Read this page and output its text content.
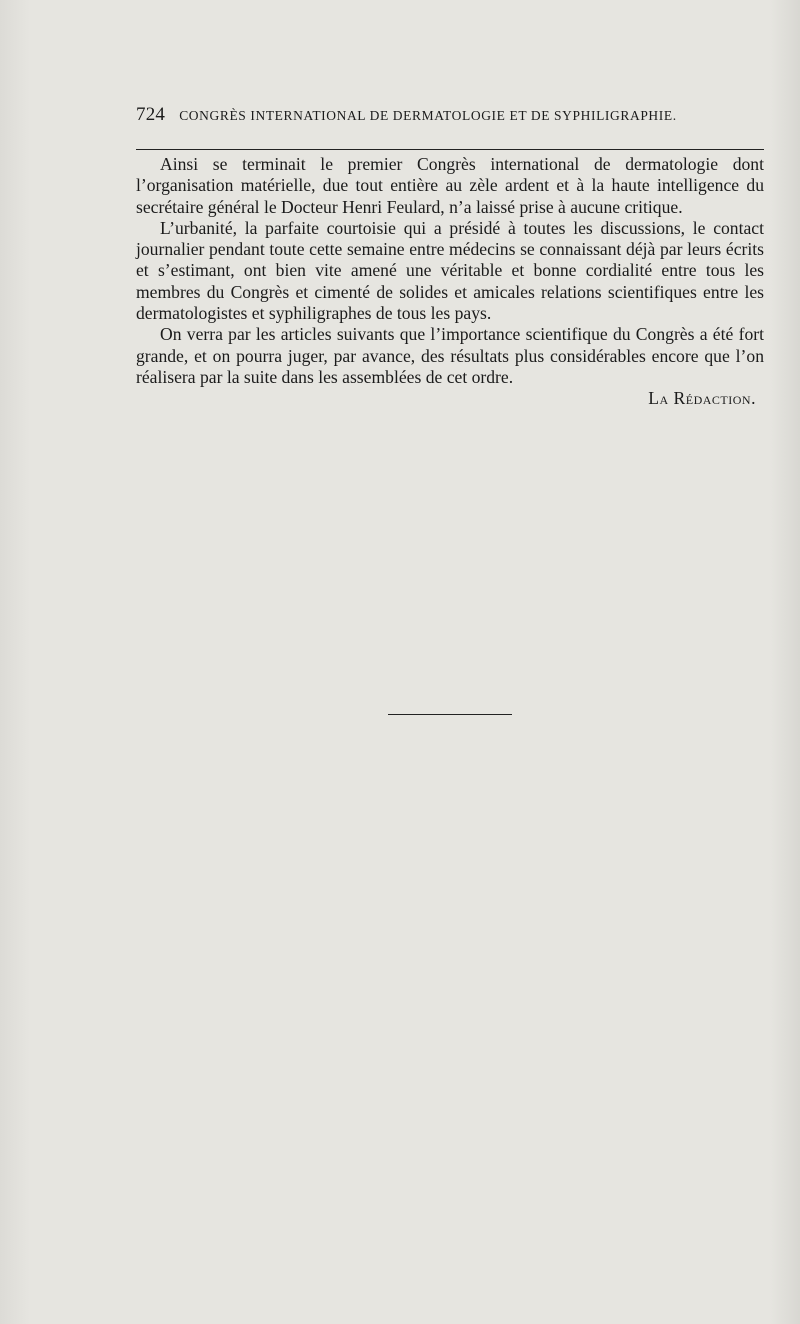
724 CONGRÈS INTERNATIONAL DE DERMATOLOGIE ET DE SYPHILIGRAPHIE.

Ainsi se terminait le premier Congrès international de dermatologie dont l’organisation matérielle, due tout entière au zèle ardent et à la haute intelligence du secrétaire général le Docteur Henri Feulard, n’a laissé prise à aucune critique.

L’urbanité, la parfaite courtoisie qui a présidé à toutes les discussions, le contact journalier pendant toute cette semaine entre médecins se connaissant déjà par leurs écrits et s’estimant, ont bien vite amené une véritable et bonne cordialité entre tous les membres du Congrès et cimenté de solides et amicales relations scientifiques entre les dermatologistes et syphiligraphes de tous les pays.

On verra par les articles suivants que l’importance scientifique du Congrès a été fort grande, et on pourra juger, par avance, des résultats plus considérables encore que l’on réalisera par la suite dans les assemblées de cet ordre.

La Rédaction.
